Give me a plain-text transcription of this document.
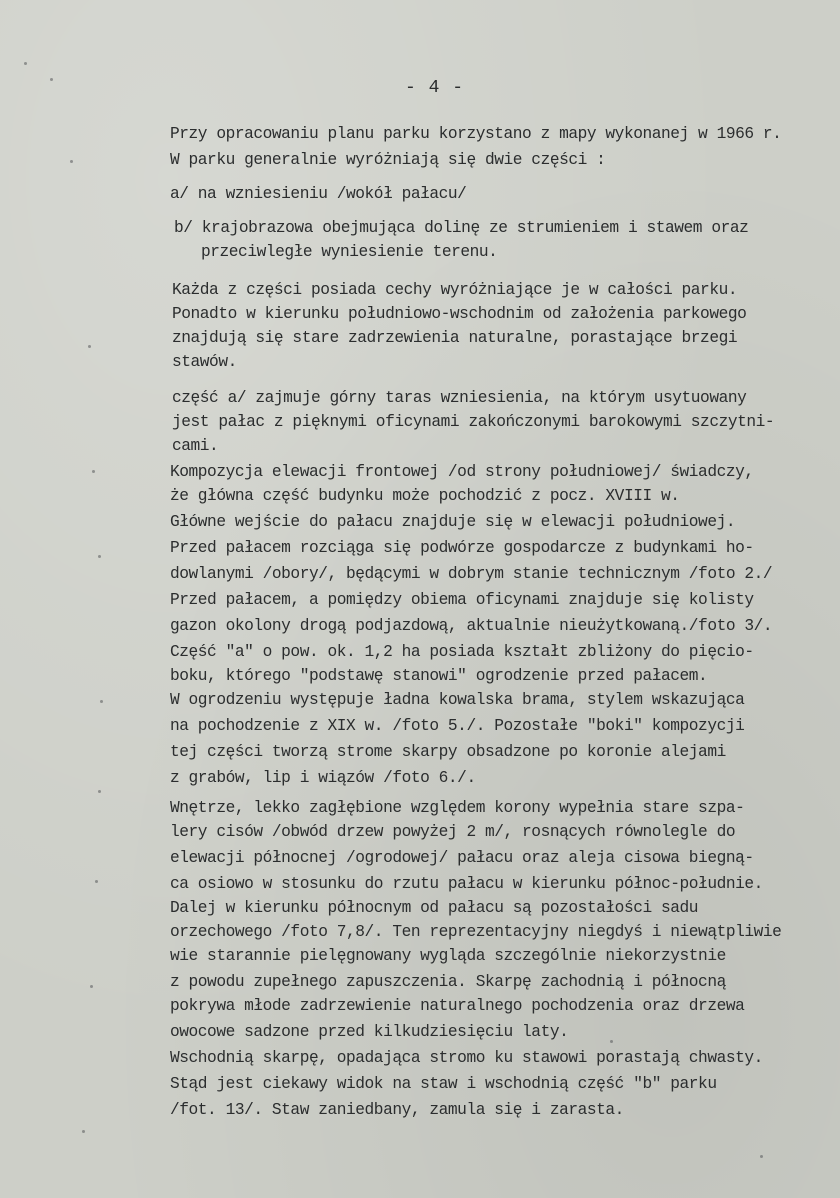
- 4 -
Przy opracowaniu planu parku korzystano z mapy wykonanej w 1966 r.
W parku generalnie wyróżniają się dwie części :
a/ na wzniesieniu /wokół pałacu/
b/ krajobrazowa obejmująca dolinę ze strumieniem i stawem oraz
przeciwległe wyniesienie terenu.
Każda z części posiada cechy wyróżniające je w całości parku.
Ponadto w kierunku południowo-wschodnim od założenia parkowego
znajdują się stare zadrzewienia naturalne, porastające brzegi
stawów.
część a/ zajmuje górny taras wzniesienia, na którym usytuowany
jest pałac z pięknymi oficynami zakończonymi barokowymi szczytni-
cami.
Kompozycja elewacji frontowej /od strony południowej/ świadczy,
że główna część budynku może pochodzić z pocz. XVIII w.
Główne wejście do pałacu znajduje się w elewacji południowej.
Przed pałacem rozciąga się podwórze gospodarcze z budynkami ho-
dowlanymi /obory/, będącymi w dobrym stanie technicznym /foto 2./
Przed pałacem, a pomiędzy obiema oficynami znajduje się kolisty
gazon okolony drogą podjazdową, aktualnie nieużytkowaną./foto 3/.
Część "a" o pow. ok. 1,2 ha posiada kształt zbliżony do pięcio-
boku, którego "podstawę stanowi" ogrodzenie przed pałacem.
W ogrodzeniu występuje ładna kowalska brama, stylem wskazująca
na pochodzenie z XIX w. /foto 5./. Pozostałe "boki" kompozycji
tej części tworzą strome skarpy obsadzone po koronie alejami
z grabów, lip i wiązów /foto 6./.
Wnętrze, lekko zagłębione względem korony wypełnia stare szpa-
lery cisów /obwód drzew powyżej 2 m/, rosnących równolegle do
elewacji północnej /ogrodowej/ pałacu oraz aleja cisowa biegną-
ca osiowo w stosunku do rzutu pałacu w kierunku północ-południe.
Dalej w kierunku północnym od pałacu są pozostałości sadu
orzechowego /foto 7,8/. Ten reprezentacyjny niegdyś i niewątpliwie
wie starannie pielęgnowany wygląda szczególnie niekorzystnie
z powodu zupełnego zapuszczenia. Skarpę zachodnią i północną
pokrywa młode zadrzewienie naturalnego pochodzenia oraz drzewa
owocowe sadzone przed kilkudziesięciu laty.
Wschodnią skarpę, opadająca stromo ku stawowi porastają chwasty.
Stąd jest ciekawy widok na staw i wschodnią część "b" parku
/fot. 13/. Staw zaniedbany, zamula się i zarasta.
